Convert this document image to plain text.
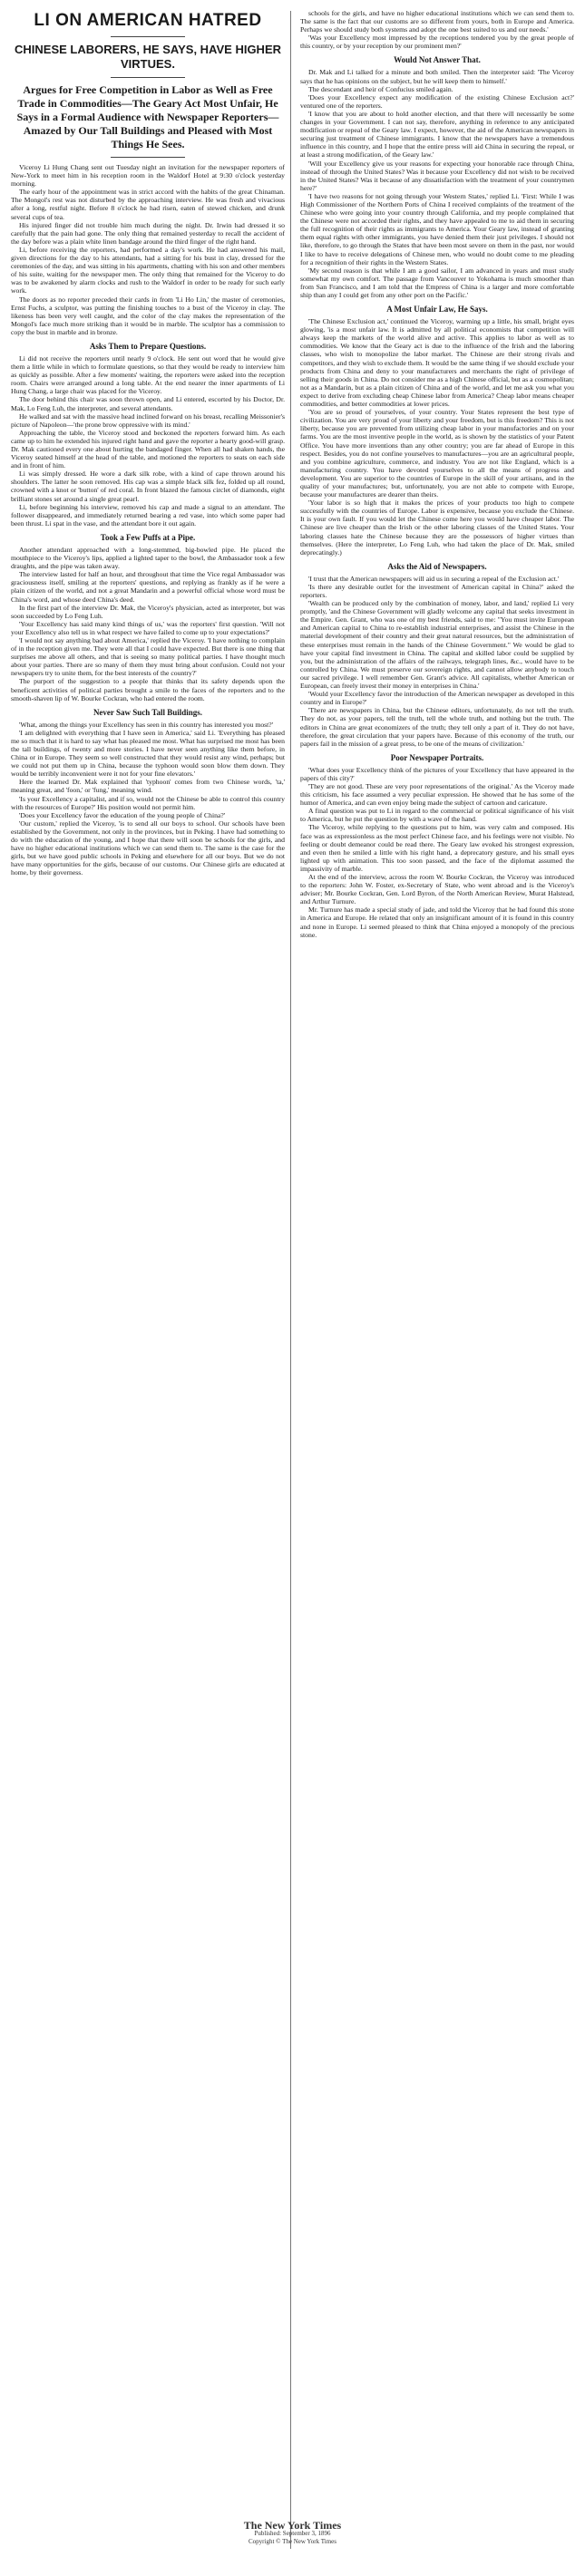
LI ON AMERICAN HATRED
CHINESE LABORERS, HE SAYS, HAVE HIGHER VIRTUES.
Argues for Free Competition in Labor as Well as Free Trade in Commodities—The Geary Act Most Unfair, He Says in a Formal Audience with Newspaper Reporters—Amazed by Our Tall Buildings and Pleased with Most Things He Sees.

Viceroy Li Hung Chang sent out Tuesday night an invitation for the newspaper reporters of New-York to meet him in his reception room in the Waldorf Hotel at 9:30 o'clock yesterday morning.

The early hour of the appointment was in strict accord with the habits of the great Chinaman. The Mongol's rest was not disturbed by the approaching interview. He was fresh and vivacious after a long, restful night. Before 8 o'clock he had risen, eaten of stewed chicken, and drunk several cups of tea.

His injured finger did not trouble him much during the night. Dr. Irwin had dressed it so carefully that the pain had gone. The only thing that remained yesterday to recall the accident of the day before was a plain white linen bandage around the third finger of the right hand.

Li, before receiving the reporters, had performed a day's work. He had answered his mail, given directions for the day to his attendants, had a sitting for his bust in clay, dressed for the ceremonies of the day, and was sitting in his apartments, chatting with his son and other members of his suite, waiting for the newspaper men. The only thing that remained for the Viceroy to do was to be awakened by alarm clocks and rush to the Waldorf in order to be ready for such early work.

The doors as no reporter preceded their cards in from 'Li Ho Lin,' the master of ceremonies, Ernst Fuchs, a sculptor, was putting the finishing touches to a bust of the Viceroy in clay. The likeness has been very well caught, and the color of the clay makes the representation of the Mongol's face much more striking than it would be in marble. The sculptor has a commission to copy the bust in marble and in bronze.

Asks Them to Prepare Questions.

Li did not receive the reporters until nearly 9 o'clock. He sent out word that he would give them a little while in which to formulate questions, so that they would be ready to interview him as quickly as possible. After a few moments' waiting, the reporters were asked into the reception room. Chairs were arranged around a long table. At the end nearer the inner apartments of Li Hung Chang, a large chair was placed for the Viceroy.

The door behind this chair was soon thrown open, and Li entered, escorted by his Doctor, Dr. Mak, Lo Feng Luh, the interpreter, and several attendants.

He walked and sat with the massive head inclined forward on his breast, recalling Meissonier's picture of Napoleon—'the prone brow oppressive with its mind.'

Approaching the table, the Viceroy stood and beckoned the reporters forward him. As each came up to him he extended his injured right hand and gave the reporter a hearty good-will grasp. Dr. Mak cautioned every one about hurting the bandaged finger. When all had shaken hands, the Viceroy seated himself at the head of the table, and motioned the reporters to seats on each side and in front of him.

Li was simply dressed. He wore a dark silk robe, with a kind of cape thrown around his shoulders. The latter he soon removed. His cap was a simple black silk fez, folded up all round, crowned with a knot or 'button' of red coral. In front blazed the famous circlet of diamonds, eight brilliant stones set around a single great pearl.

Li, before beginning his interview, removed his cap and made a signal to an attendant. The follower disappeared, and immediately returned bearing a red vase, into which some paper had been thrust. Li spat in the vase, and the attendant bore it out again.

Took a Few Puffs at a Pipe.

Another attendant approached with a long-stemmed, big-bowled pipe. He placed the mouthpiece to the Viceroy's lips, applied a lighted taper to the bowl, the Ambassador took a few draughts, and the pipe was taken away.

The interview lasted for half an hour, and throughout that time the Vice regal Ambassador was graciousness itself, smiling at the reporters' questions, and replying as frankly as if he were a plain citizen of the world, and not a great Mandarin and a powerful official whose word must be China's word, and whose deed China's deed.

In the first part of the interview Dr. Mak, the Viceroy's physician, acted as interpreter, but was soon succeeded by Lo Feng Luh.

'Your Excellency has said many kind things of us,' was the reporters' first question. 'Will not your Excellency also tell us in what respect we have failed to come up to your expectations?'

'I would not say anything bad about America,' replied the Viceroy. 'I have nothing to complain of in the reception given me. They were all that I could have expected. But there is one thing that surprises me above all others, and that is seeing so many political parties. I have thought much about your parties. There are so many of them they must bring about confusion. Could not your newspapers try to unite them, for the best interests of the country?'

The purport of the suggestion to a people that thinks that its safety depends upon the beneficent activities of political parties brought a smile to the faces of the reporters and to the smooth-shaven lip of W. Bourke Cockran, who had entered the room.

Never Saw Such Tall Buildings.

'What, among the things your Excellency has seen in this country has interested you most?'

'I am delighted with everything that I have seen in America,' said Li. 'Everything has pleased me so much that it is hard to say what has pleased me most. What has surprised me most has been the tall buildings, of twenty and more stories. I have never seen anything like them before, in China or in Europe. They seem so well constructed that they would resist any wind, perhaps; but we could not put them up in China, because the typhoon would soon blow them down. They would be terribly inconvenient were it not for your fine elevators.'

Here the learned Dr. Mak explained that 'typhoon' comes from two Chinese words, 'ta,' meaning great, and 'foon,' or 'fung,' meaning wind.

'Is your Excellency a capitalist, and if so, would not the Chinese be able to control this country with the resources of Europe?' His position would not permit him.

'Does your Excellency favor the education of the young people of China?'

'Our custom,' replied the Viceroy, 'is to send all our boys to school. Our schools have been established by the Government, not only in the provinces, but in Peking. I have had something to do with the education of the young, and I hope that there will soon be schools for the girls, and have no higher educational institutions which we can send them to. The same is the case for the girls, but we have good public schools in Peking and elsewhere for all our boys. But we do not have many opportunities for the girls, because of our customs. Our Chinese girls are educated at home, by their governess.

schools for the girls, and have no higher educational institutions which we can send them to. The same is the fact that our customs are so different from yours, both in Europe and America. Perhaps we should study both systems and adopt the one best suited to us and our needs.'

'Was your Excellency most impressed by the receptions tendered you by the great people of this country, or by your reception by our prominent men?'

Would Not Answer That.

Dr. Mak and Li talked for a minute and both smiled. Then the interpreter said: 'The Viceroy says that he has opinions on the subject, but he will keep them to himself.'

The descendant and heir of Confucius smiled again.

'Does your Excellency expect any modification of the existing Chinese Exclusion act?' ventured one of the reporters.

'I know that you are about to hold another election, and that there will necessarily be some changes in your Government. I can not say, therefore, anything in reference to any anticipated modification or repeal of the Geary law. I expect, however, the aid of the American newspapers in securing just treatment of Chinese immigrants. I know that the newspapers have a tremendous influence in this country, and I hope that the entire press will aid China in securing the repeal, or at least a strong modification, of the Geary law.'

'Will your Excellency give us your reasons for expecting your honorable race through China, instead of through the United States? Was it because your Excellency did not wish to be received in the United States? Was it because of any dissatisfaction with the treatment of your countrymen here?'

'I have two reasons for not going through your Western States,' replied Li. 'First: While I was High Commissioner of the Northern Ports of China I received complaints of the treatment of the Chinese who were going into your country through California, and my people complained that the Chinese were not accorded their rights, and they have appealed to me to aid them in securing the full recognition of their rights as immigrants to America. Your Geary law, instead of granting them equal rights with other immigrants, you have denied them their just privileges. I should not like, therefore, to go through the States that have been most severe on them in the past, nor would I like to have to receive delegations of Chinese men, who would no doubt come to me pleading for a recognition of their rights in the Western States.

'My second reason is that while I am a good sailor, I am advanced in years and must study somewhat my own comfort. The passage from Vancouver to Yokohama is much smoother than from San Francisco, and I am told that the Empress of China is a larger and more comfortable ship than any I could get from any other port on the Pacific.'

A Most Unfair Law, He Says.

'The Chinese Exclusion act,' continued the Viceroy, warming up a little, his small, bright eyes glowing, 'is a most unfair law. It is admitted by all political economists that competition will always keep the markets of the world alive and active. This applies to labor as well as to commodities. We know that the Geary act is due to the influence of the Irish and the laboring classes, who wish to monopolize the labor market. The Chinese are their strong rivals and competitors, and they wish to exclude them. It would be the same thing if we should exclude your products from China and deny to your manufacturers and merchants the right of privilege of selling their goods in China. Do not consider me as a high Chinese official, but as a cosmopolitan; not as a Mandarin, but as a plain citizen of China and of the world, and let me ask you what you expect to derive from excluding cheap Chinese labor from America? Cheap labor means cheaper commodities, and better commodities at lower prices.

'You are so proud of yourselves, of your country. Your States represent the best type of civilization. You are very proud of your liberty and your freedom, but is this freedom? This is not liberty, because you are prevented from utilizing cheap labor in your manufactories and on your farms. You are the most inventive people in the world, as is shown by the statistics of your Patent Office. You have more inventions than any other country; you are far ahead of Europe in this respect. Besides, you do not confine yourselves to manufactures—you are an agricultural people, and you combine agriculture, commerce, and industry. You are not like England, which is a manufacturing country. You have devoted yourselves to all the means of progress and development. You are superior to the countries of Europe in the skill of your artisans, and in the quality of your manufactures; but, unfortunately, you are not able to compete with Europe, because your manufactures are dearer than theirs.

'Your labor is so high that it makes the prices of your products too high to compete successfully with the countries of Europe. Labor is expensive, because you exclude the Chinese. It is your own fault. If you would let the Chinese come here you would have cheaper labor. The Chinese are live cheaper than the Irish or the other laboring classes of the United States. Your laboring classes hate the Chinese because they are the possessors of higher virtues than themselves. (Here the interpreter, Lo Feng Luh, who had taken the place of Dr. Mak, smiled deprecatingly.)

Asks the Aid of Newspapers.

'I trust that the American newspapers will aid us in securing a repeal of the Exclusion act.'

'Is there any desirable outlet for the investment of American capital in China?' asked the reporters.

'Wealth can be produced only by the combination of money, labor, and land,' replied Li very promptly, 'and the Chinese Government will gladly welcome any capital that seeks investment in the Empire. Gen. Grant, who was one of my best friends, said to me: "You must invite European and American capital to China to re-establish industrial enterprises, and assist the Chinese in the material development of their country and their great natural resources, but the administration of these enterprises must remain in the hands of the Chinese Government." We would be glad to have your capital find investment in China. The capital and skilled labor could be supplied by you, but the administration of the affairs of the railways, telegraph lines, &c., would have to be controlled by China. We must preserve our sovereign rights, and cannot allow anybody to touch our sacred privilege. I well remember Gen. Grant's advice. All capitalists, whether American or European, can freely invest their money in enterprises in China.'

'Would your Excellency favor the introduction of the American newspaper as developed in this country and in Europe?'

'There are newspapers in China, but the Chinese editors, unfortunately, do not tell the truth. They do not, as your papers, tell the truth, tell the whole truth, and nothing but the truth. The editors in China are great economizers of the truth; they tell only a part of it. They do not have, therefore, the great circulation that your papers have. Because of this economy of the truth, our papers fail in the mission of a great press, to be one of the means of civilization.'

Poor Newspaper Portraits.

'What does your Excellency think of the pictures of your Excellency that have appeared in the papers of this city?'

'They are not good. These are very poor representations of the original.' As the Viceroy made this criticism, his face assumed a very peculiar expression. He showed that he has some of the humor of America, and can even enjoy being made the subject of cartoon and caricature.

A final question was put to Li in regard to the commercial or political significance of his visit to America, but he put the question by with a wave of the hand.

The Viceroy, while replying to the questions put to him, was very calm and composed. His face was as expressionless as the most perfect Chinese face, and his feelings were not visible. No feeling or doubt demeanor could be read there. The Geary law evoked his strongest expression, and even then he smiled a little with his right hand, a deprecatory gesture, and his small eyes lighted up with animation. This too soon passed, and the face of the diplomat assumed the impassivity of marble.

At the end of the interview, across the room W. Bourke Cockran, the Viceroy was introduced to the reporters: John W. Foster, ex-Secretary of State, who went abroad and is the Viceroy's adviser; Mr. Bourke Cockran, Gen. Lord Byron, of the North American Review, Murat Halstead, and Arthur Turnure.

Mr. Turnure has made a special study of jade, and told the Viceroy that he had found this stone in America and Europe. He related that only an insignificant amount of it is found in this country and none in Europe. Li seemed pleased to think that China enjoyed a monopoly of the precious stone.

The New York Times
Published: September 3, 1896
Copyright © The New York Times
